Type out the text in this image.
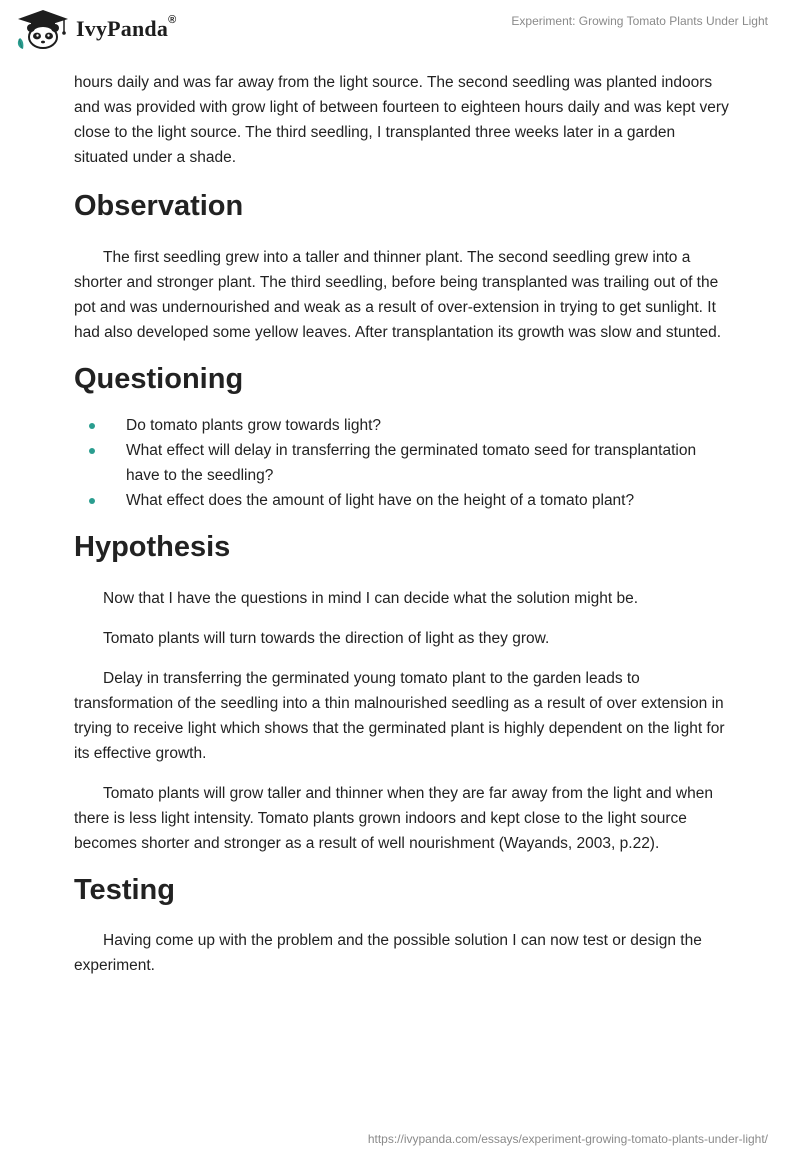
IvyPanda®	Experiment: Growing Tomato Plants Under Light

hours daily and was far away from the light source. The second seedling was planted indoors and was provided with grow light of between fourteen to eighteen hours daily and was kept very close to the light source. The third seedling, I transplanted three weeks later in a garden situated under a shade.

Observation

The first seedling grew into a taller and thinner plant. The second seedling grew into a shorter and stronger plant. The third seedling, before being transplanted was trailing out of the pot and was undernourished and weak as a result of over-extension in trying to get sunlight. It had also developed some yellow leaves. After transplantation its growth was slow and stunted.

Questioning
Do tomato plants grow towards light?
What effect will delay in transferring the germinated tomato seed for transplantation have to the seedling?
What effect does the amount of light have on the height of a tomato plant?
Hypothesis

Now that I have the questions in mind I can decide what the solution might be.

Tomato plants will turn towards the direction of light as they grow.

Delay in transferring the germinated young tomato plant to the garden leads to transformation of the seedling into a thin malnourished seedling as a result of over extension in trying to receive light which shows that the germinated plant is highly dependent on the light for its effective growth.

Tomato plants will grow taller and thinner when they are far away from the light and when there is less light intensity. Tomato plants grown indoors and kept close to the light source becomes shorter and stronger as a result of well nourishment (Wayands, 2003, p.22).

Testing

Having come up with the problem and the possible solution I can now test or design the experiment.

https://ivypanda.com/essays/experiment-growing-tomato-plants-under-light/
